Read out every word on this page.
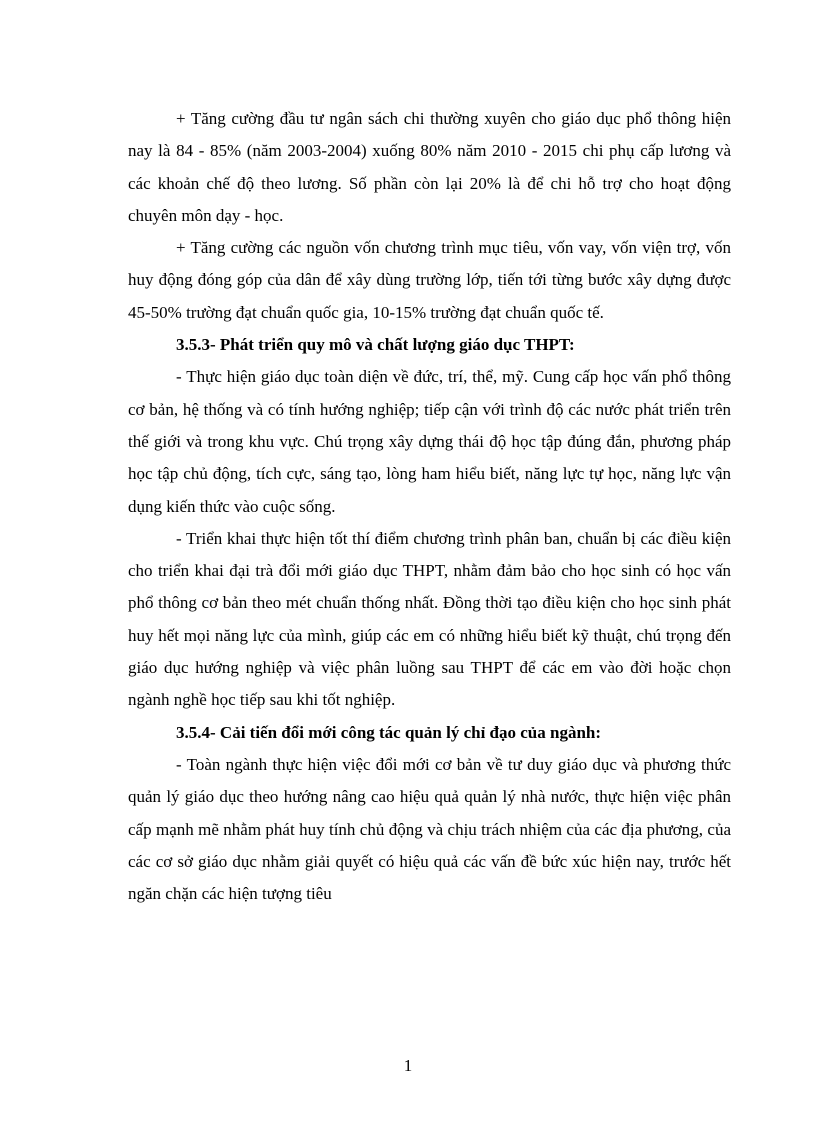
+ Tăng cường đầu tư ngân sách chi thường xuyên cho giáo dục phổ thông hiện nay là 84 - 85% (năm 2003-2004) xuống 80% năm 2010 - 2015 chi phụ cấp lương và các khoản chế độ theo lương. Số phần còn lại 20% là để chi hỗ trợ cho hoạt động chuyên môn dạy - học.

+ Tăng cường các nguồn vốn chương trình mục tiêu, vốn vay, vốn viện trợ, vốn huy động đóng góp của dân để xây dùng trường lớp, tiến tới từng bước xây dựng được 45-50% trường đạt chuẩn quốc gia, 10-15% trường đạt chuẩn quốc tế.

3.5.3- Phát triển quy mô và chất lượng giáo dục THPT:

- Thực hiện giáo dục toàn diện về đức, trí, thể, mỹ. Cung cấp học vấn phổ thông cơ bản, hệ thống và có tính hướng nghiệp; tiếp cận với trình độ các nước phát triển trên thế giới và trong khu vực. Chú trọng xây dựng thái độ học tập đúng đắn, phương pháp học tập chủ động, tích cực, sáng tạo, lòng ham hiểu biết, năng lực tự học, năng lực vận dụng kiến thức vào cuộc sống.

- Triển khai thực hiện tốt thí điểm chương trình phân ban, chuẩn bị các điều kiện cho triển khai đại trà đổi mới giáo dục THPT, nhằm đảm bảo cho học sinh có học vấn phổ thông cơ bản theo mét chuẩn thống nhất. Đồng thời tạo điều kiện cho học sinh phát huy hết mọi năng lực của mình, giúp các em có những hiểu biết kỹ thuật, chú trọng đến giáo dục hướng nghiệp và việc phân luồng sau THPT để các em vào đời hoặc chọn ngành nghề học tiếp sau khi tốt nghiệp.

3.5.4- Cải tiến đổi mới công tác quản lý chỉ đạo của ngành:

- Toàn ngành thực hiện việc đổi mới cơ bản về tư duy giáo dục và phương thức quản lý giáo dục theo hướng nâng cao hiệu quả quản lý nhà nước, thực hiện việc phân cấp mạnh mẽ nhằm phát huy tính chủ động và chịu trách nhiệm của các địa phương, của các cơ sở giáo dục nhằm giải quyết có hiệu quả các vấn đề bức xúc hiện nay, trước hết ngăn chặn các hiện tượng tiêu

1
